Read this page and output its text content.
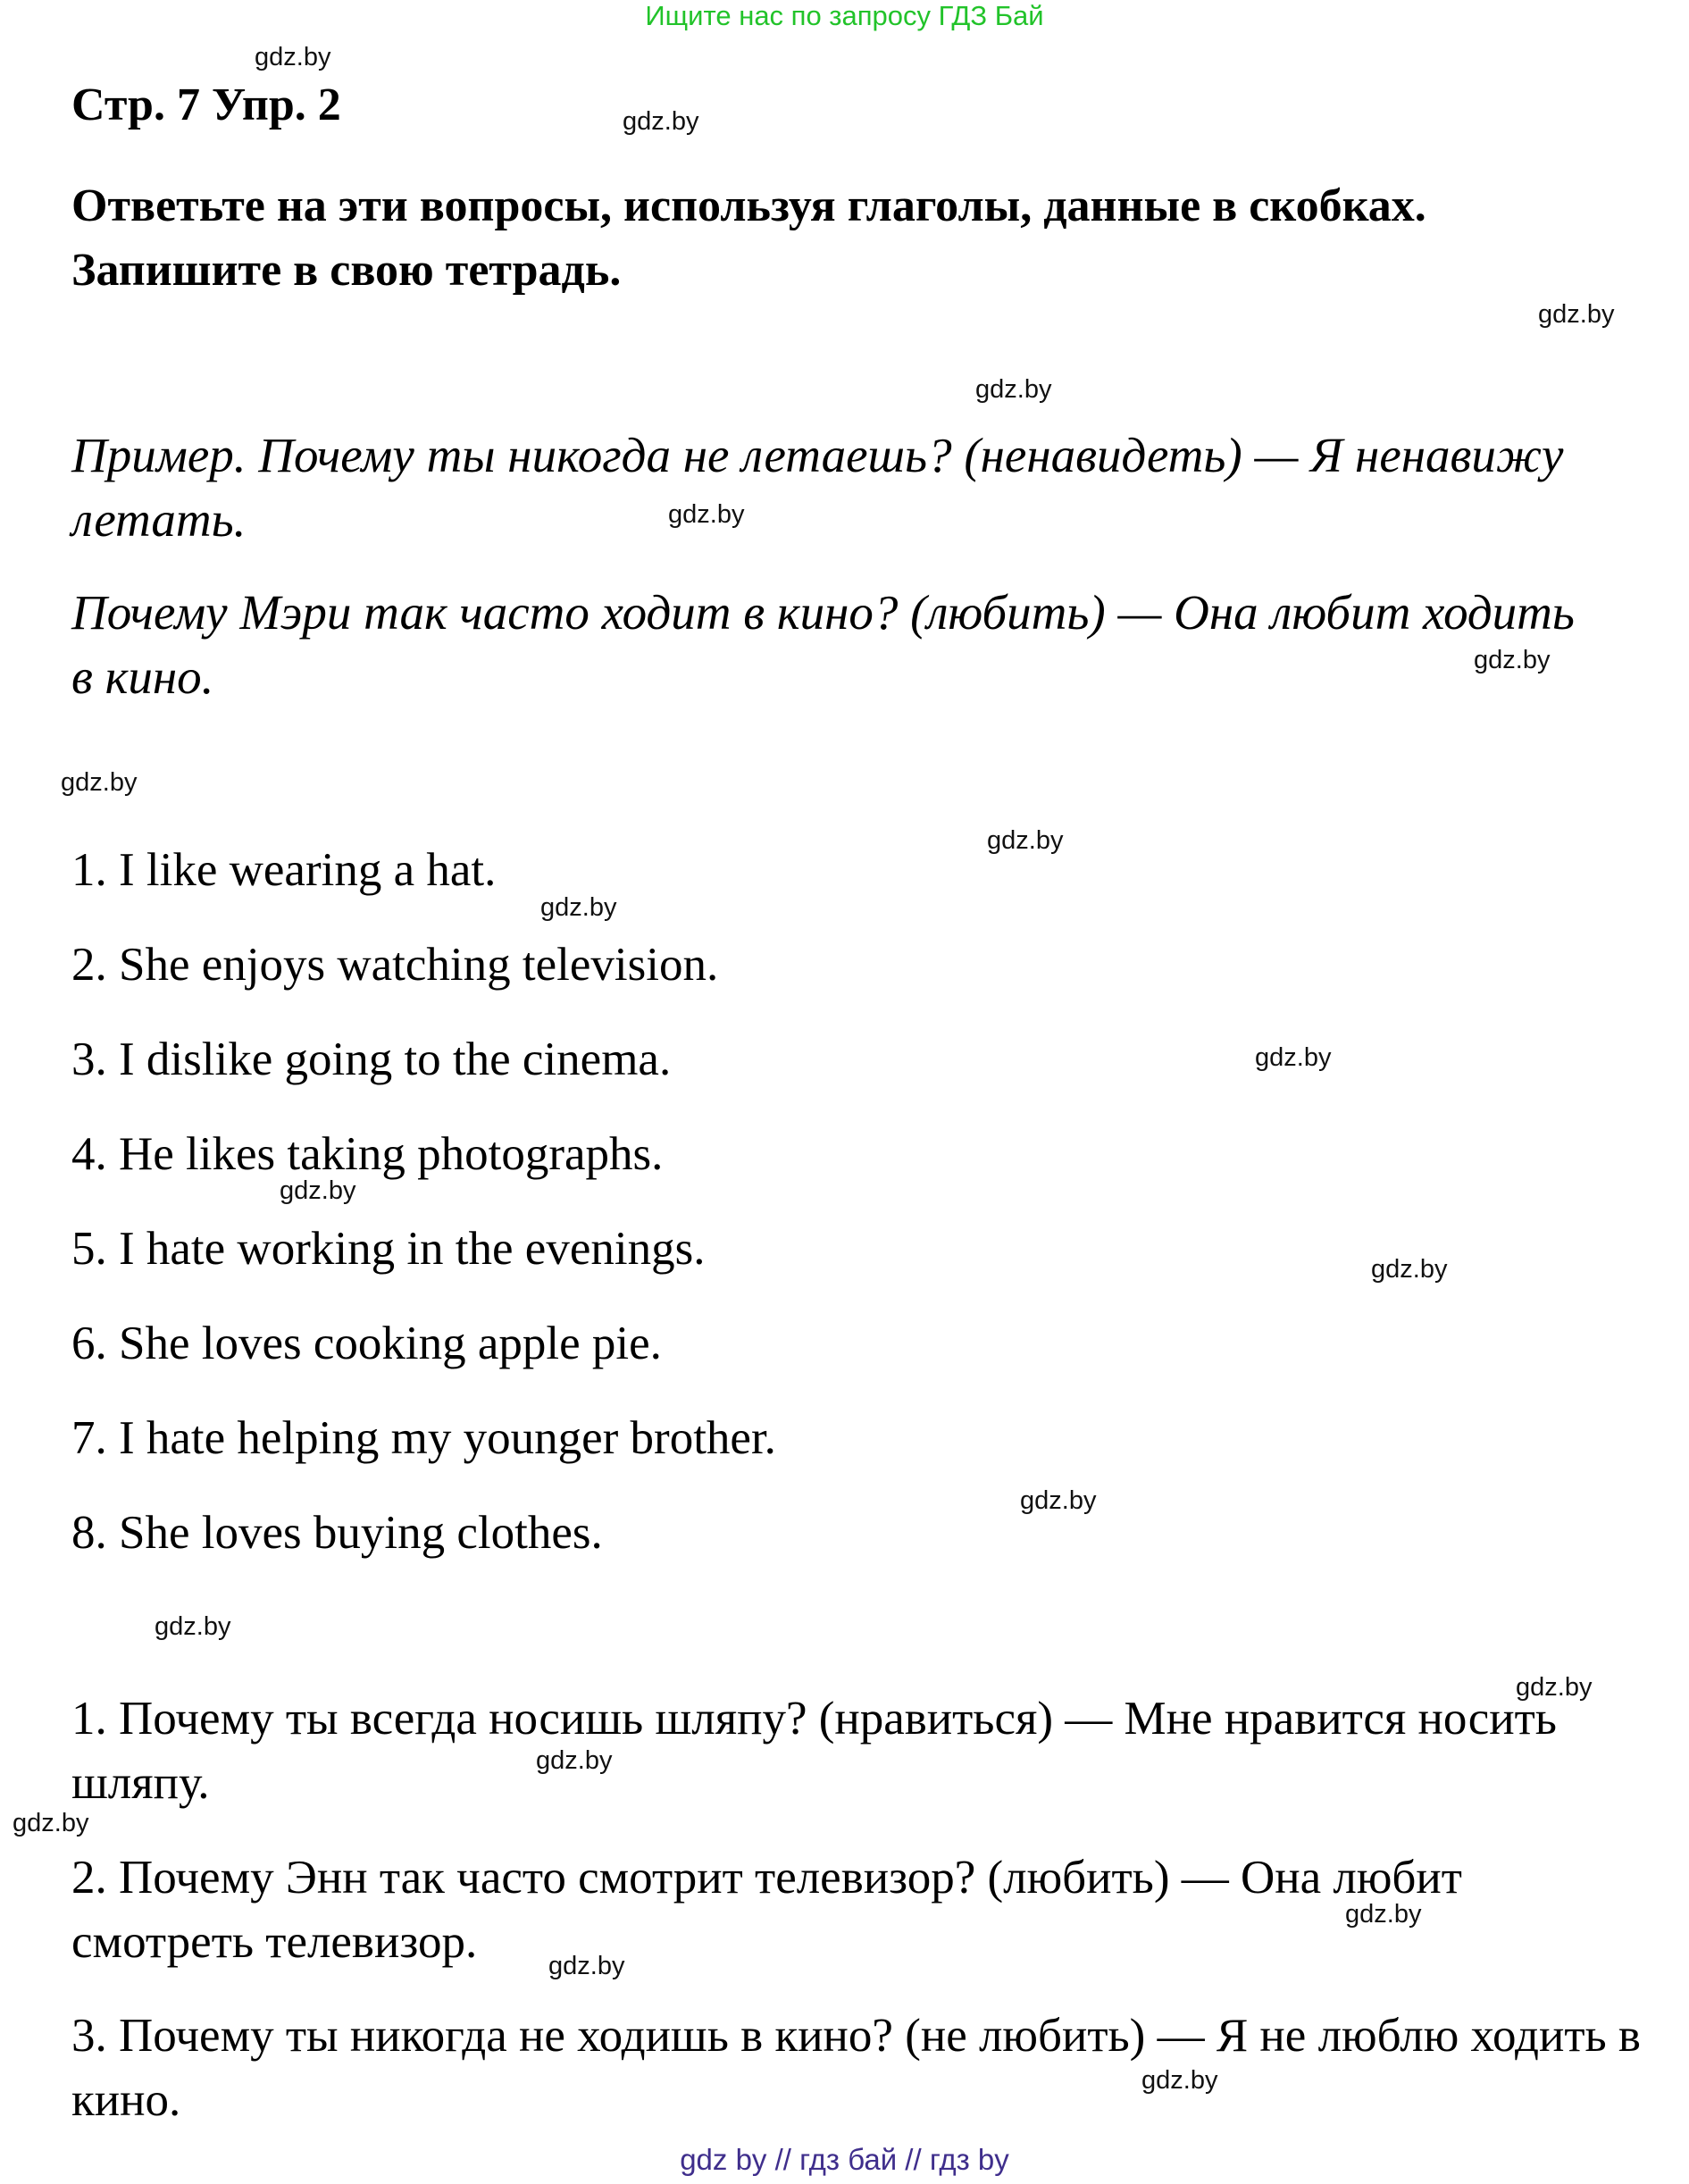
Ищите нас по запросу ГДЗ Бай
Стр. 7 Упр. 2
Ответьте на эти вопросы, используя глаголы, данные в скобках. Запишите в свою тетрадь.
Пример. Почему ты никогда не летаешь? (ненавидеть) — Я ненавижу летать.
Почему Мэри так часто ходит в кино? (любить) — Она любит ходить в кино.
1. I like wearing a hat.
2. She enjoys watching television.
3. I dislike going to the cinema.
4. He likes taking photographs.
5. I hate working in the evenings.
6. She loves cooking apple pie.
7. I hate helping my younger brother.
8. She loves buying clothes.
1. Почему ты всегда носишь шляпу? (нравиться) — Мне нравится носить шляпу.
2. Почему Энн так часто смотрит телевизор? (любить) — Она любит смотреть телевизор.
3. Почему ты никогда не ходишь в кино? (не любить) — Я не люблю ходить в кино.
gdz.by
gdz.by
gdz.by
gdz.by
gdz.by
gdz.by
gdz.by
gdz.by
gdz.by
gdz.by
gdz.by
gdz.by
gdz.by
gdz.by
gdz.by
gdz.by
gdz.by
gdz.by
gdz.by
gdz.by
gdz by // гдз бай // гдз by
